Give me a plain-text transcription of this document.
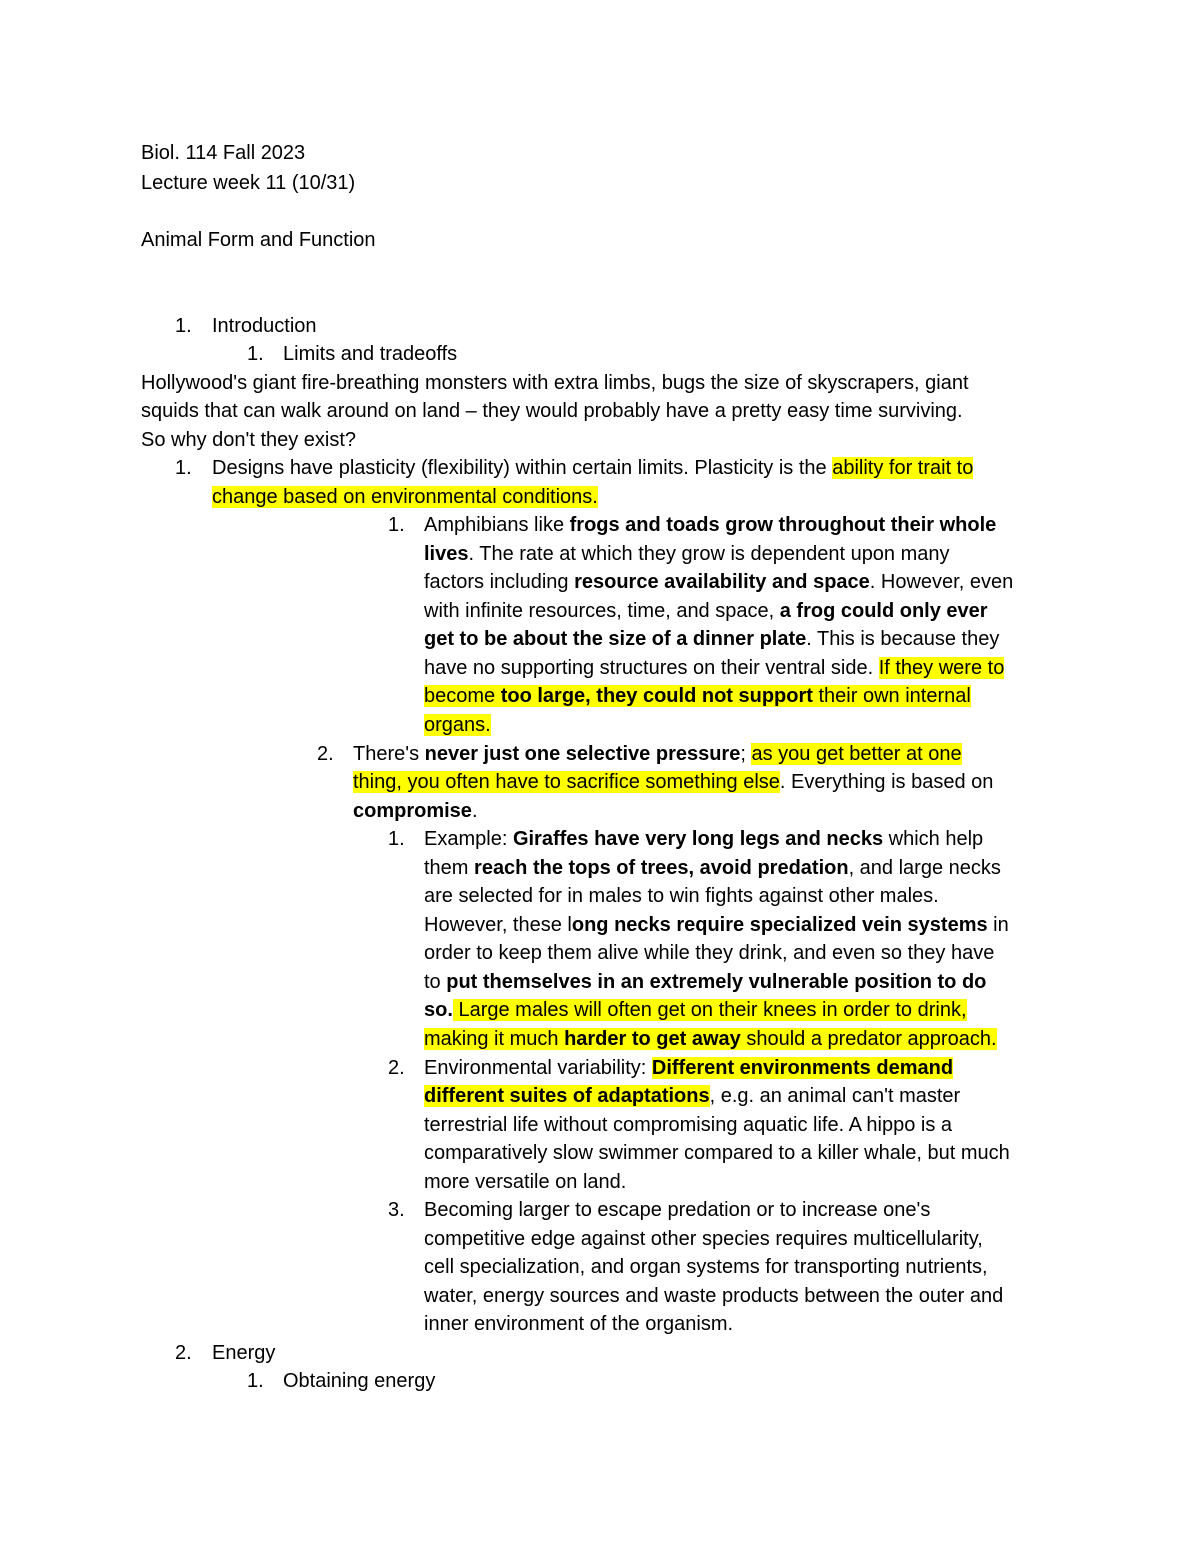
Biol. 114 Fall 2023
Lecture week 11 (10/31)
Animal Form and Function
1. Introduction
1. Limits and tradeoffs
Hollywood's giant fire-breathing monsters with extra limbs, bugs the size of skyscrapers, giant
squids that can walk around on land – they would probably have a pretty easy time surviving.
So why don't they exist?
1. Designs have plasticity (flexibility) within certain limits. Plasticity is the ability for trait to
change based on environmental conditions.
1. Amphibians like frogs and toads grow throughout their whole
lives. The rate at which they grow is dependent upon many
factors including resource availability and space. However, even
with infinite resources, time, and space, a frog could only ever
get to be about the size of a dinner plate. This is because they
have no supporting structures on their ventral side. If they were to
become too large, they could not support their own internal
organs.
2. There's never just one selective pressure; as you get better at one
thing, you often have to sacrifice something else. Everything is based on
compromise.
1. Example: Giraffes have very long legs and necks which help
them reach the tops of trees, avoid predation, and large necks
are selected for in males to win fights against other males.
However, these long necks require specialized vein systems in
order to keep them alive while they drink, and even so they have
to put themselves in an extremely vulnerable position to do
so. Large males will often get on their knees in order to drink,
making it much harder to get away should a predator approach.
2. Environmental variability: Different environments demand
different suites of adaptations, e.g. an animal can't master
terrestrial life without compromising aquatic life. A hippo is a
comparatively slow swimmer compared to a killer whale, but much
more versatile on land.
3. Becoming larger to escape predation or to increase one's
competitive edge against other species requires multicellularity,
cell specialization, and organ systems for transporting nutrients,
water, energy sources and waste products between the outer and
inner environment of the organism.
2. Energy
1. Obtaining energy
